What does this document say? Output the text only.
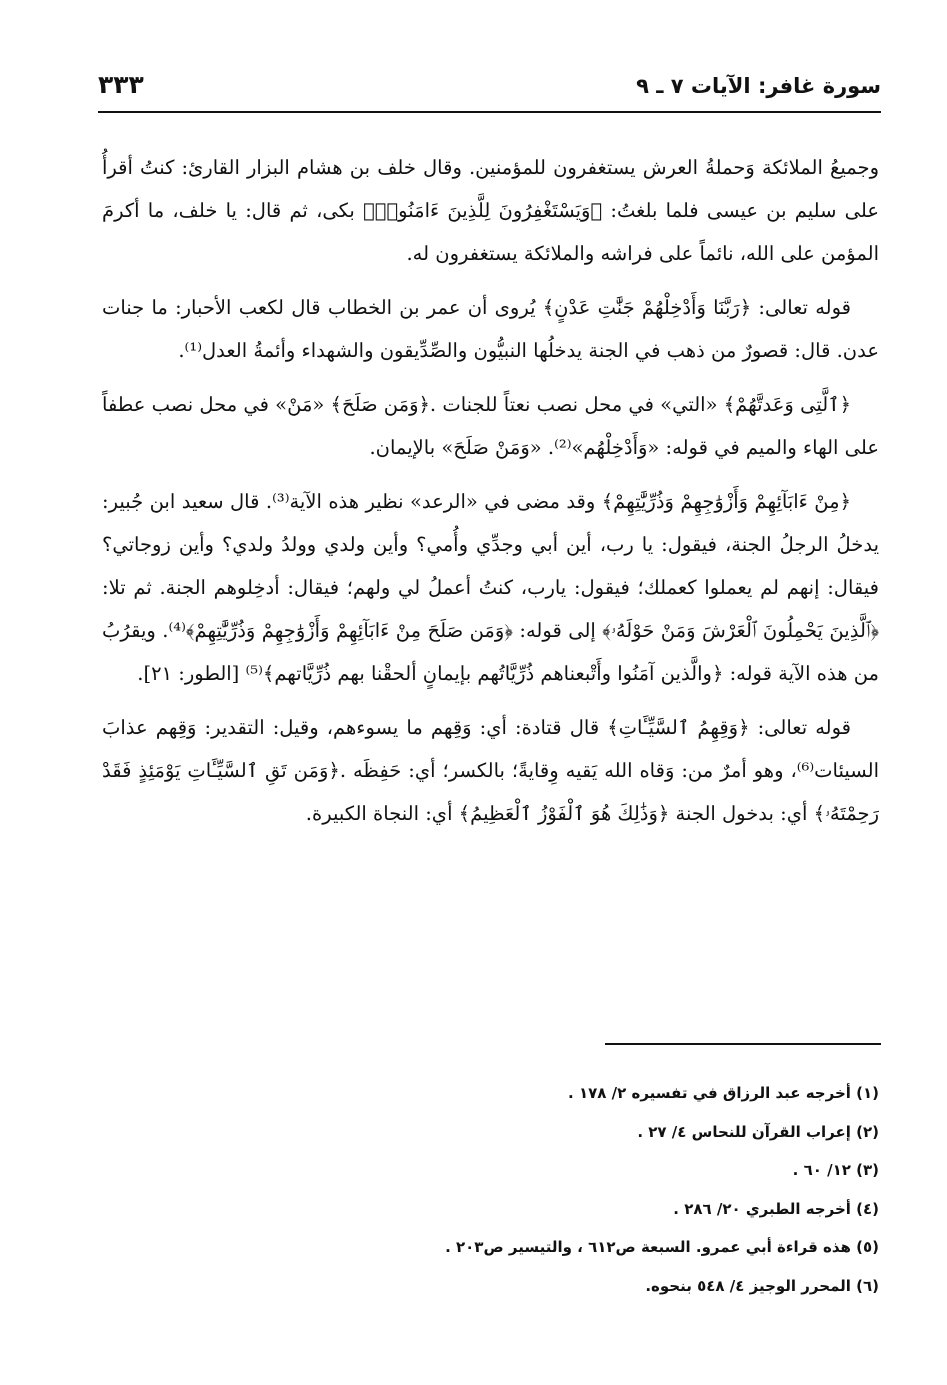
سورة غافر: الآيات ٧ ـ ٩
٣٣٣

وجميعُ الملائكة وَحملةُ العرش يستغفرون للمؤمنين. وقال خلف بن هشام البزار القارئ: كنتُ أقرأُ على سليم بن عيسى فلما بلغتُ: ﴿وَيَسْتَغْفِرُونَ لِلَّذِينَ ءَامَنُوا۟﴾ بكى، ثم قال: يا خلف، ما أكرمَ المؤمن على الله، نائماً على فراشه والملائكة يستغفرون له.

قوله تعالى: ﴿رَبَّنَا وَأَدْخِلْهُمْ جَنَّٰتِ عَدْنٍ﴾ يُروى أن عمر بن الخطاب قال لكعب الأحبار: ما جنات عدن. قال: قصورٌ من ذهب في الجنة يدخلُها النبيُّون والصِّدِّيقون والشهداء وأئمةُ العدل⁽¹⁾.

﴿ٱلَّتِى وَعَدتَّهُمْ﴾ «التي» في محل نصب نعتاً للجنات .﴿وَمَن صَلَحَ﴾ «مَنْ» في محل نصب عطفاً على الهاء والميم في قوله: «وَأَدْخِلْهُم»⁽²⁾. «وَمَنْ صَلَحَ» بالإيمان.

﴿مِنْ ءَابَآئِهِمْ وَأَزْوَٰجِهِمْ وَذُرِّيَّٰتِهِمْ﴾ وقد مضى في «الرعد» نظير هذه الآية⁽³⁾. قال سعيد ابن جُبير: يدخلُ الرجلُ الجنة، فيقول: يا رب، أين أبي وجدِّي وأُمي؟ وأين ولدي وولدُ ولدي؟ وأين زوجاتي؟ فيقال: إنهم لم يعملوا كعملك؛ فيقول: يارب، كنتُ أعملُ لي ولهم؛ فيقال: أدخِلوهم الجنة. ثم تلا: ﴿ٱلَّذِينَ يَحْمِلُونَ ٱلْعَرْشَ وَمَنْ حَوْلَهُۥ﴾ إلى قوله: ﴿وَمَن صَلَحَ مِنْ ءَابَآئِهِمْ وَأَزْوَٰجِهِمْ وَذُرِّيَّٰتِهِمْ﴾⁽⁴⁾. ويقرُبُ من هذه الآية قوله: ﴿والَّذين آمَنُوا وأَتْبعناهم ذُرِّيَّاتُهم بإيمانٍ ألحقْنا بهم ذُرِّيَّاتهم﴾⁽⁵⁾ [الطور: ٢١].

قوله تعالى: ﴿وَقِهِمُ ٱلسَّيِّـَٔاتِ﴾ قال قتادة: أي: وَقِهم ما يسوءهم، وقيل: التقدير: وَقِهم عذابَ السيئات⁽⁶⁾، وهو أمرٌ من: وَقاه الله يَقيه وِقايةً؛ بالكسر؛ أي: حَفِظَه .﴿وَمَن تَقِ ٱلسَّيِّـَٔاتِ يَوْمَئِذٍ فَقَدْ رَحِمْتَهُۥ﴾ أي: بدخول الجنة ﴿وَذَٰلِكَ هُوَ ٱلْفَوْزُ ٱلْعَظِيمُ﴾ أي: النجاة الكبيرة.

(١) أخرجه عبد الرزاق في تفسيره ٢/ ١٧٨ .
(٢) إعراب القرآن للنحاس ٤/ ٢٧ .
(٣) ١٢/ ٦٠ .
(٤) أخرجه الطبري ٢٠/ ٢٨٦ .
(٥) هذه قراءة أبي عمرو. السبعة ص٦١٢ ، والتيسير ص٢٠٣ .
(٦) المحرر الوجيز ٤/ ٥٤٨ بنحوه.
